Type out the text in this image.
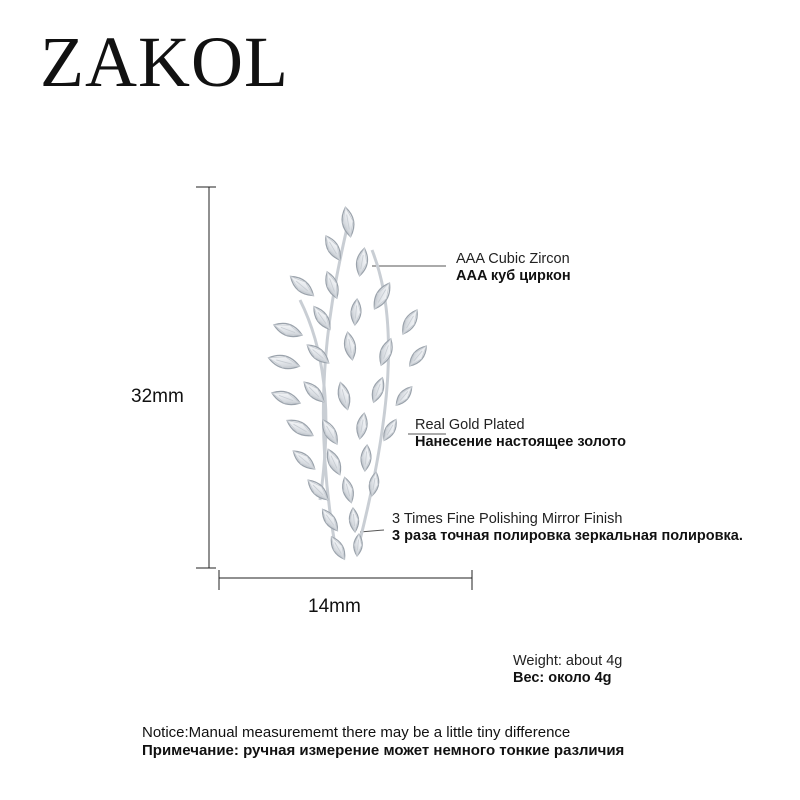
ZAKOL
32mm
14mm
AAA Cubic Zircon
AAA куб циркон
Real Gold Plated
Нанесение настоящее золото
3 Times Fine Polishing Mirror Finish
3 раза точная полировка зеркальная полировка.
Weight: about 4g
Вес: около 4g
Notice:Manual measurememt there may be a little tiny difference
Примечание: ручная измерение может немного тонкие различия
